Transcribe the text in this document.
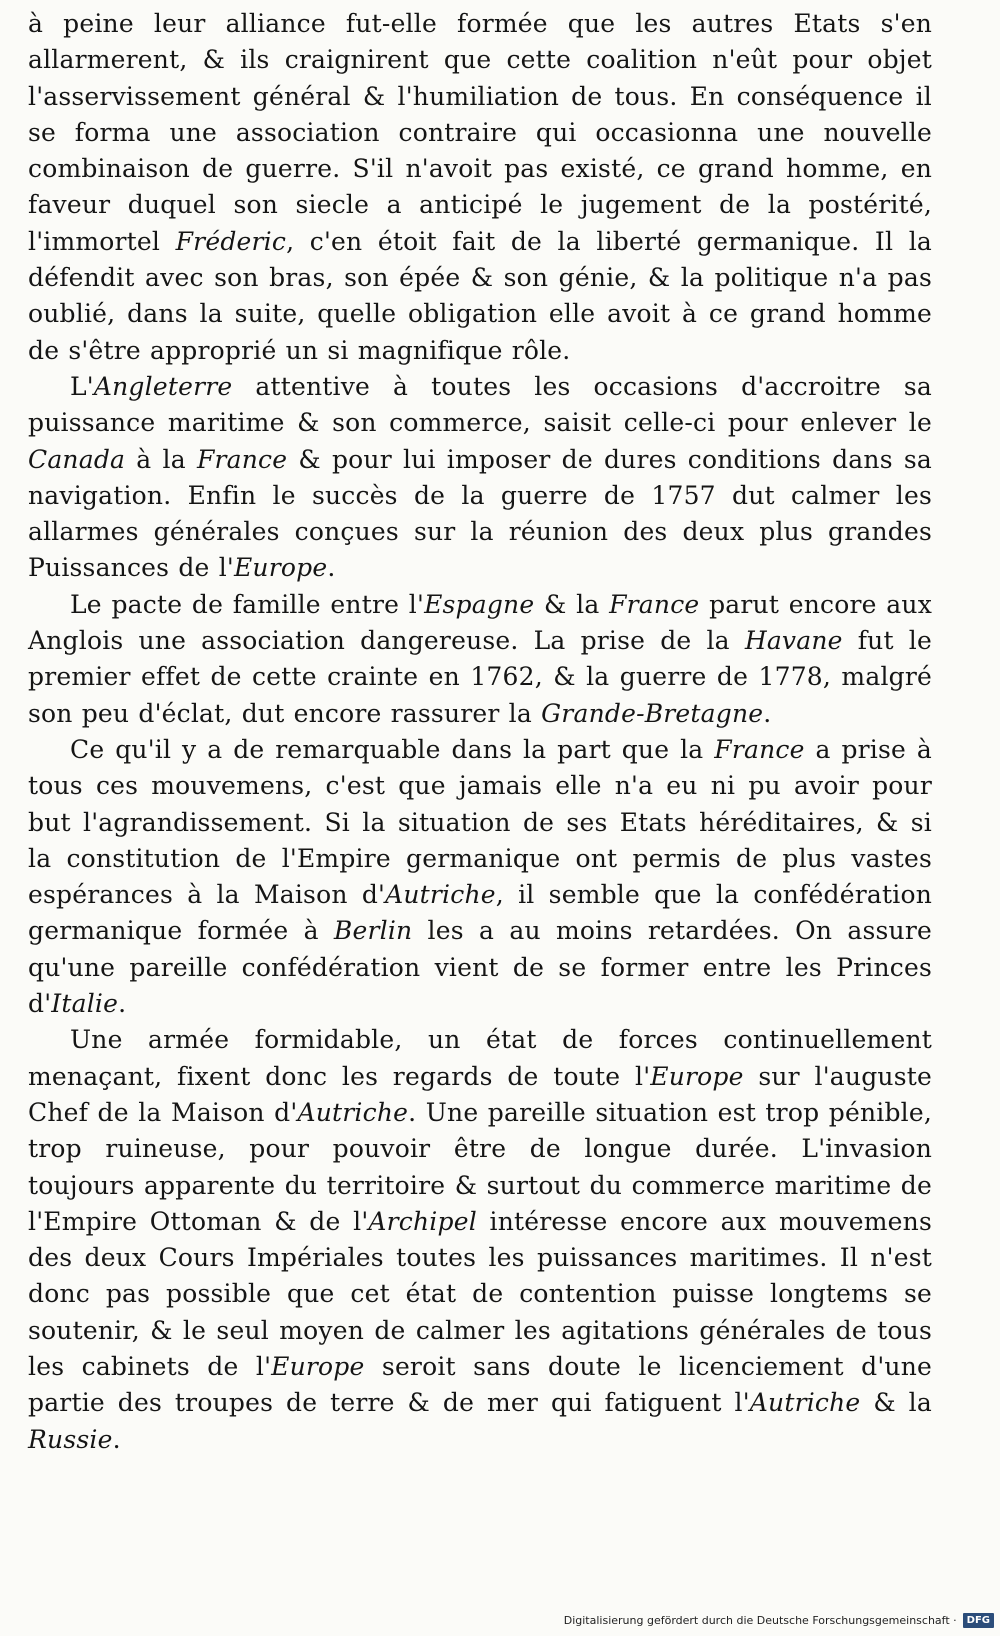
à peine leur alliance fut-elle formée que les autres Etats s'en allarmerent, & ils craignirent que cette coalition n'eût pour objet l'asservissement général & l'humiliation de tous. En conséquence il se forma une association contraire qui occasionna une nouvelle combinaison de guerre. S'il n'avoit pas existé, ce grand homme, en faveur duquel son siecle a anticipé le jugement de la postérité, l'immortel Fréderic, c'en étoit fait de la liberté germanique. Il la défendit avec son bras, son épée & son génie, & la politique n'a pas oublié, dans la suite, quelle obligation elle avoit à ce grand homme de s'être approprié un si magnifique rôle.

L'Angleterre attentive à toutes les occasions d'accroitre sa puissance maritime & son commerce, saisit celle-ci pour enlever le Canada à la France & pour lui imposer de dures conditions dans sa navigation. Enfin le succès de la guerre de 1757 dut calmer les allarmes générales conçues sur la réunion des deux plus grandes Puissances de l'Europe.

Le pacte de famille entre l'Espagne & la France parut encore aux Anglois une association dangereuse. La prise de la Havane fut le premier effet de cette crainte en 1762, & la guerre de 1778, malgré son peu d'éclat, dut encore rassurer la Grande-Bretagne.

Ce qu'il y a de remarquable dans la part que la France a prise à tous ces mouvemens, c'est que jamais elle n'a eu ni pu avoir pour but l'agrandissement. Si la situation de ses Etats héréditaires, & si la constitution de l'Empire germanique ont permis de plus vastes espérances à la Maison d'Autriche, il semble que la confédération germanique formée à Berlin les a au moins retardées. On assure qu'une pareille confédération vient de se former entre les Princes d'Italie.

Une armée formidable, un état de forces continuellement menaçant, fixent donc les regards de toute l'Europe sur l'auguste Chef de la Maison d'Autriche. Une pareille situation est trop pénible, trop ruineuse, pour pouvoir être de longue durée. L'invasion toujours apparente du territoire & surtout du commerce maritime de l'Empire Ottoman & de l'Archipel intéresse encore aux mouvemens des deux Cours Impériales toutes les puissances maritimes. Il n'est donc pas possible que cet état de contention puisse longtems se soutenir, & le seul moyen de calmer les agitations générales de tous les cabinets de l'Europe seroit sans doute le licenciement d'une partie des troupes de terre & de mer qui fatiguent l'Autriche & la Russie.

Digitalisierung gefördert durch die Deutsche Forschungsgemeinschaft ·	DFG
